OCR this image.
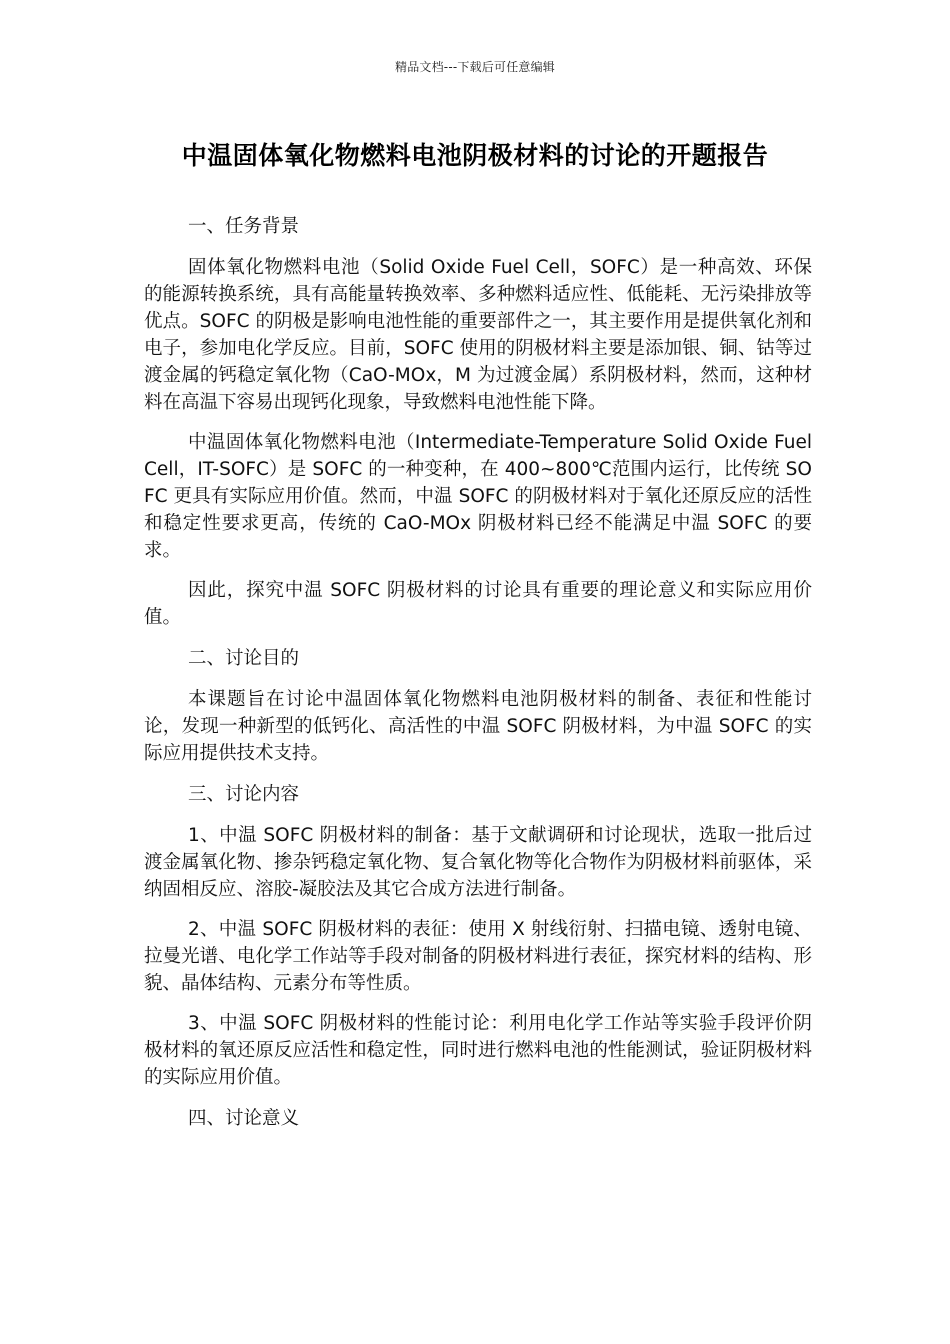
精品文档---下载后可任意编辑
中温固体氧化物燃料电池阴极材料的讨论的开题报告
一、任务背景

固体氧化物燃料电池（Solid Oxide Fuel Cell，SOFC）是一种高效、环保的能源转换系统，具有高能量转换效率、多种燃料适应性、低能耗、无污染排放等优点。SOFC 的阴极是影响电池性能的重要部件之一，其主要作用是提供氧化剂和电子，参加电化学反应。目前，SOFC 使用的阴极材料主要是添加银、铜、钴等过渡金属的钙稳定氧化物（CaO-MOx，M 为过渡金属）系阴极材料，然而，这种材料在高温下容易出现钙化现象，导致燃料电池性能下降。

中温固体氧化物燃料电池（Intermediate-Temperature Solid Oxide Fuel Cell，IT-SOFC）是 SOFC 的一种变种，在 400~800℃范围内运行，比传统 SOFC 更具有实际应用价值。然而，中温 SOFC 的阴极材料对于氧化还原反应的活性和稳定性要求更高，传统的 CaO-MOx 阴极材料已经不能满足中温 SOFC 的要求。

因此，探究中温 SOFC 阴极材料的讨论具有重要的理论意义和实际应用价值。

二、讨论目的

本课题旨在讨论中温固体氧化物燃料电池阴极材料的制备、表征和性能讨论，发现一种新型的低钙化、高活性的中温 SOFC 阴极材料，为中温 SOFC 的实际应用提供技术支持。

三、讨论内容

1、中温 SOFC 阴极材料的制备：基于文献调研和讨论现状，选取一批后过渡金属氧化物、掺杂钙稳定氧化物、复合氧化物等化合物作为阴极材料前驱体，采纳固相反应、溶胶-凝胶法及其它合成方法进行制备。

2、中温 SOFC 阴极材料的表征：使用 X 射线衍射、扫描电镜、透射电镜、拉曼光谱、电化学工作站等手段对制备的阴极材料进行表征，探究材料的结构、形貌、晶体结构、元素分布等性质。

3、中温 SOFC 阴极材料的性能讨论：利用电化学工作站等实验手段评价阴极材料的氧还原反应活性和稳定性，同时进行燃料电池的性能测试，验证阴极材料的实际应用价值。

四、讨论意义
